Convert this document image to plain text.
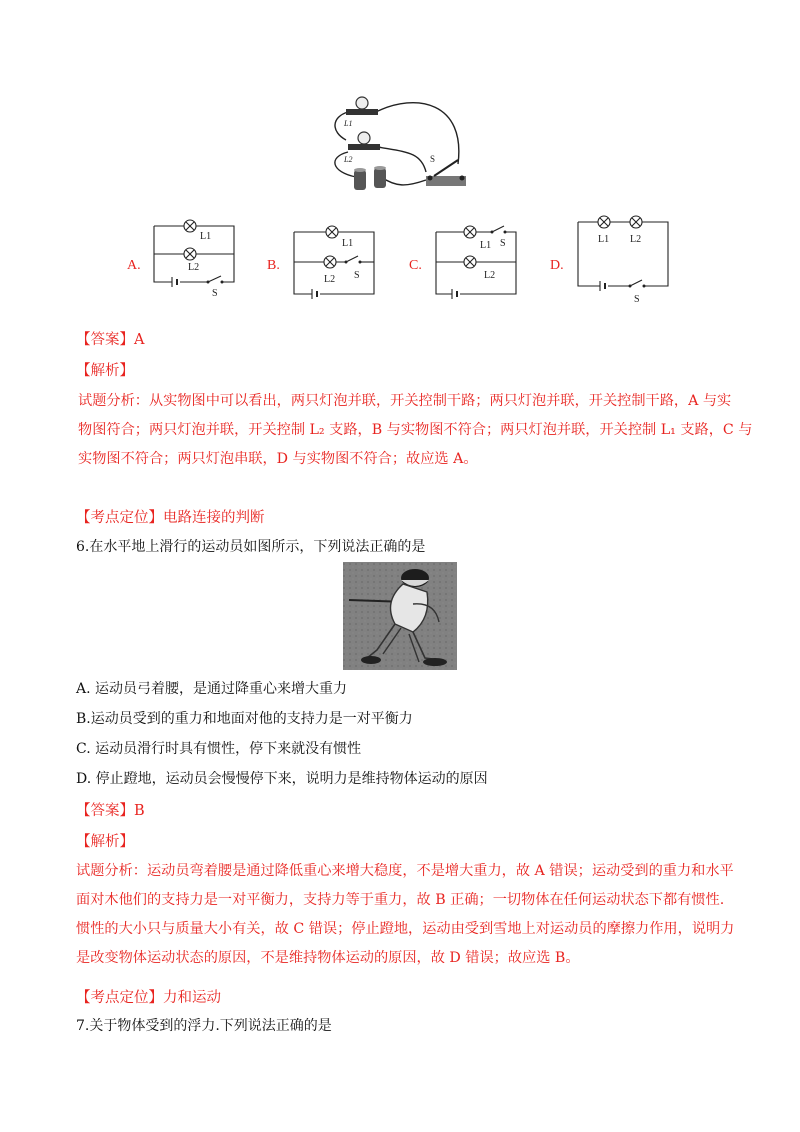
L1
L2	S
A.
L1
L2
S
B.
L1
L2 S
C.
L1 S
L2
D.
L1 L2
S
【答案】A
【解析】
试题分析：从实物图中可以看出，两只灯泡并联，开关控制干路；两只灯泡并联，开关控制干路，A 与实
物图符合；两只灯泡并联，开关控制 L₂ 支路，B 与实物图不符合；两只灯泡并联，开关控制 L₁ 支路，C 与
实物图不符合；两只灯泡串联，D 与实物图不符合；故应选 A。
【考点定位】电路连接的判断
6.在水平地上滑行的运动员如图所示，下列说法正确的是
A. 运动员弓着腰，是通过降重心来增大重力
B.运动员受到的重力和地面对他的支持力是一对平衡力
C. 运动员滑行时具有惯性，停下来就没有惯性
D. 停止蹬地，运动员会慢慢停下来，说明力是维持物体运动的原因
【答案】B
【解析】
试题分析：运动员弯着腰是通过降低重心来增大稳度，不是增大重力，故 A 错误；运动受到的重力和水平
面对木他们的支持力是一对平衡力，支持力等于重力，故 B 正确；一切物体在任何运动状态下都有惯性.
惯性的大小只与质量大小有关，故 C 错误；停止蹬地，运动由受到雪地上对运动员的摩擦力作用，说明力
是改变物体运动状态的原因，不是维持物体运动的原因，故 D 错误；故应选 B。
【考点定位】力和运动
7.关于物体受到的浮力.下列说法正确的是
